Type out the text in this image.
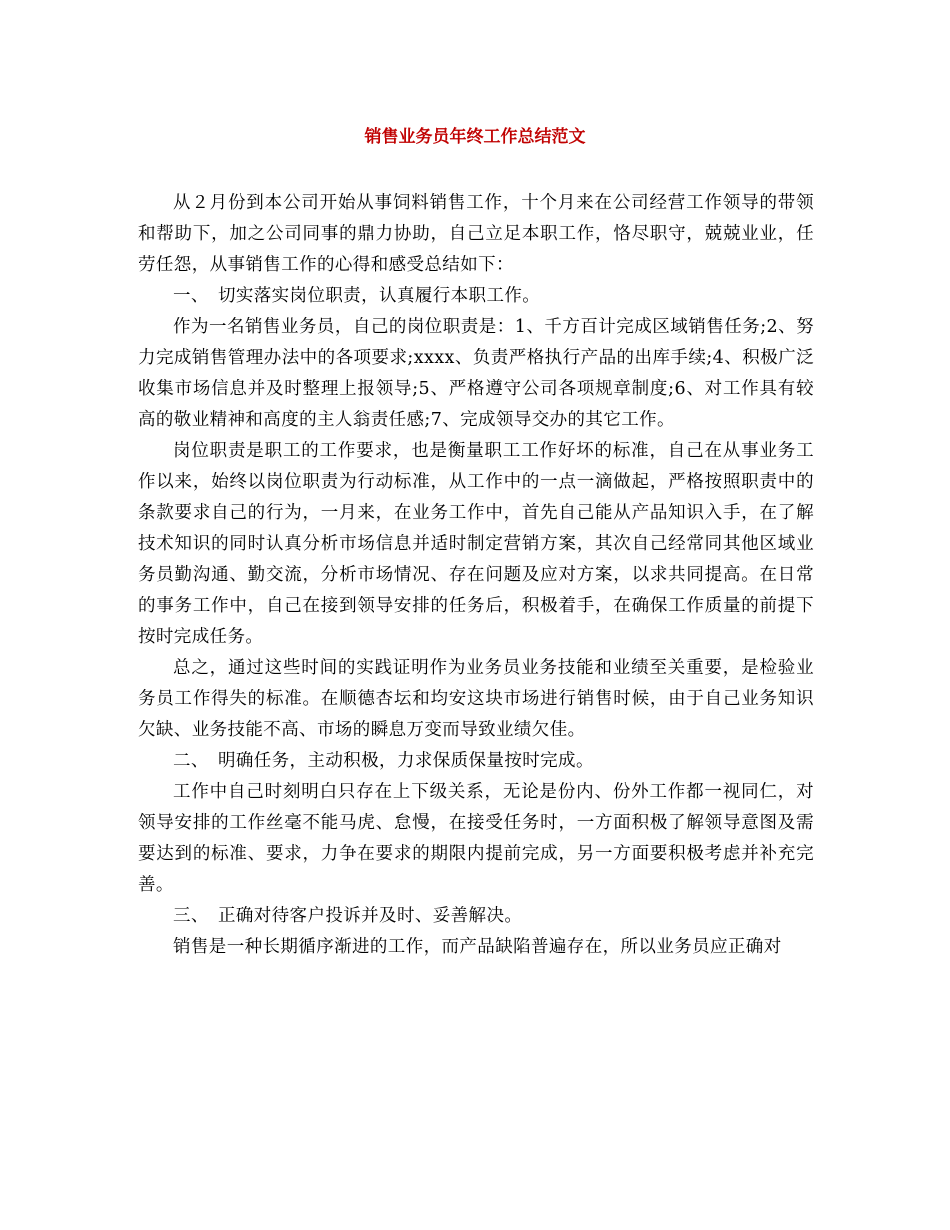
销售业务员年终工作总结范文

从２月份到本公司开始从事饲料销售工作，十个月来在公司经营工作领导的带领和帮助下，加之公司同事的鼎力协助，自己立足本职工作，恪尽职守，兢兢业业，任劳任怨，从事销售工作的心得和感受总结如下：

一、　切实落实岗位职责，认真履行本职工作。

作为一名销售业务员，自己的岗位职责是：1、千方百计完成区域销售任务;2、努力完成销售管理办法中的各项要求;xxxx、负责严格执行产品的出库手续;4、积极广泛收集市场信息并及时整理上报领导;5、严格遵守公司各项规章制度;6、对工作具有较高的敬业精神和高度的主人翁责任感;7、完成领导交办的其它工作。

岗位职责是职工的工作要求，也是衡量职工工作好坏的标准，自己在从事业务工作以来，始终以岗位职责为行动标准，从工作中的一点一滴做起，严格按照职责中的条款要求自己的行为，一月来，在业务工作中，首先自己能从产品知识入手，在了解技术知识的同时认真分析市场信息并适时制定营销方案，其次自己经常同其他区域业务员勤沟通、勤交流，分析市场情况、存在问题及应对方案，以求共同提高。在日常的事务工作中，自己在接到领导安排的任务后，积极着手，在确保工作质量的前提下按时完成任务。

总之，通过这些时间的实践证明作为业务员业务技能和业绩至关重要，是检验业务员工作得失的标准。在顺德杏坛和均安这块市场进行销售时候，由于自己业务知识欠缺、业务技能不高、市场的瞬息万变而导致业绩欠佳。

二、　明确任务，主动积极，力求保质保量按时完成。

工作中自己时刻明白只存在上下级关系，无论是份内、份外工作都一视同仁，对领导安排的工作丝毫不能马虎、怠慢，在接受任务时，一方面积极了解领导意图及需要达到的标准、要求，力争在要求的期限内提前完成，另一方面要积极考虑并补充完善。

三、　正确对待客户投诉并及时、妥善解决。

销售是一种长期循序渐进的工作，而产品缺陷普遍存在，所以业务员应正确对
